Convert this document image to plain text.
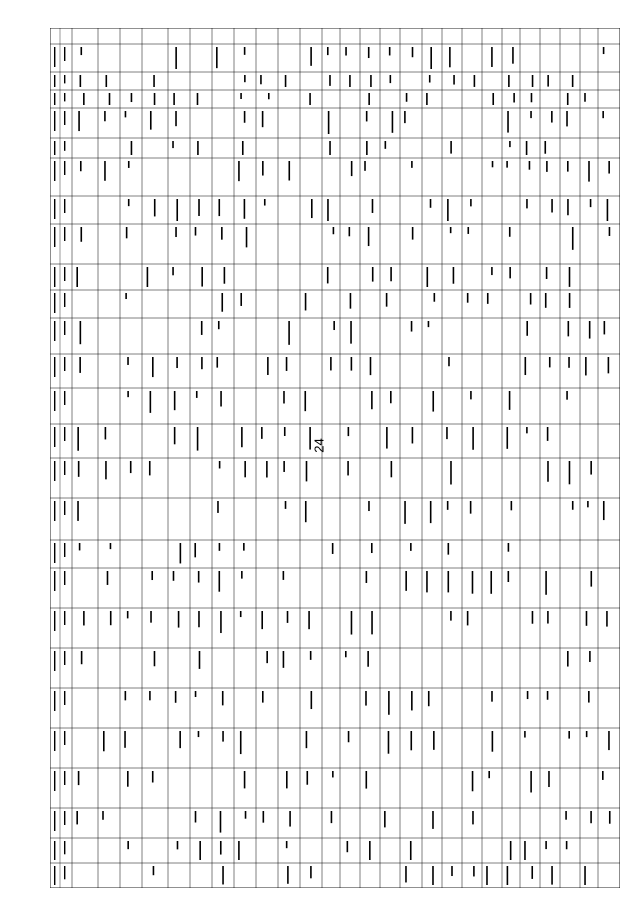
24
